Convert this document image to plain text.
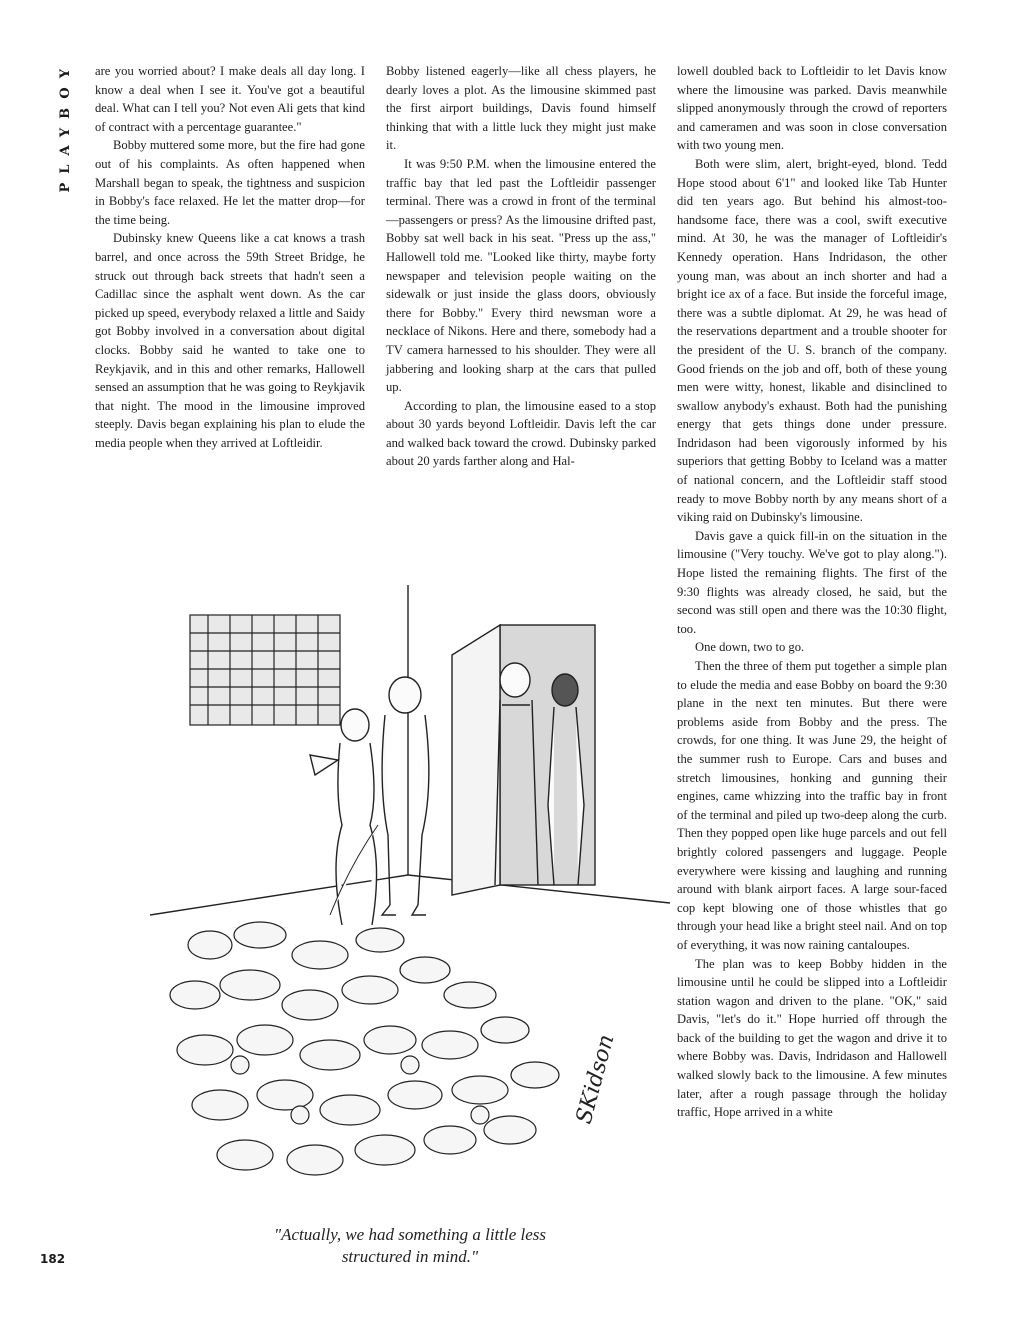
PLAYBOY	are you worried about? I make deals all day long. I know a deal when I see it. You've got a beautiful deal. What can I tell you? Not even Ali gets that kind of contract with a percentage guarantee."

Bobby muttered some more, but the fire had gone out of his complaints. As often happened when Marshall began to speak, the tightness and suspicion in Bobby's face relaxed. He let the matter drop—for the time being.

Dubinsky knew Queens like a cat knows a trash barrel, and once across the 59th Street Bridge, he struck out through back streets that hadn't seen a Cadillac since the asphalt went down. As the car picked up speed, everybody relaxed a little and Saidy got Bobby involved in a conversation about digital clocks. Bobby said he wanted to take one to Reykjavik, and in this and other remarks, Hallowell sensed an assumption that he was going to Reykjavik that night. The mood in the limousine improved steeply. Davis began explaining his plan to elude the media people when they arrived at Loftleidir.

Bobby listened eagerly—like all chess players, he dearly loves a plot. As the limousine skimmed past the first airport buildings, Davis found himself thinking that with a little luck they might just make it.

It was 9:50 P.M. when the limousine entered the traffic bay that led past the Loftleidir passenger terminal. There was a crowd in front of the terminal—passengers or press? As the limousine drifted past, Bobby sat well back in his seat. "Press up the ass," Hallowell told me. "Looked like thirty, maybe forty newspaper and television people waiting on the sidewalk or just inside the glass doors, obviously there for Bobby." Every third newsman wore a necklace of Nikons. Here and there, somebody had a TV camera harnessed to his shoulder. They were all jabbering and looking sharp at the cars that pulled up.

According to plan, the limousine eased to a stop about 30 yards beyond Loftleidir. Davis left the car and walked back toward the crowd. Dubinsky parked about 20 yards farther along and Hal-

lowell doubled back to Loftleidir to let Davis know where the limousine was parked. Davis meanwhile slipped anonymously through the crowd of reporters and cameramen and was soon in close conversation with two young men.

Both were slim, alert, bright-eyed, blond. Tedd Hope stood about 6'1" and looked like Tab Hunter did ten years ago. But behind his almost-too-handsome face, there was a cool, swift executive mind. At 30, he was the manager of Loftleidir's Kennedy operation. Hans Indridason, the other young man, was about an inch shorter and had a bright ice ax of a face. But inside the forceful image, there was a subtle diplomat. At 29, he was head of the reservations department and a trouble shooter for the president of the U. S. branch of the company. Good friends on the job and off, both of these young men were witty, honest, likable and disinclined to swallow anybody's exhaust. Both had the punishing energy that gets things done under pressure. Indridason had been vigorously informed by his superiors that getting Bobby to Iceland was a matter of national concern, and the Loftleidir staff stood ready to move Bobby north by any means short of a viking raid on Dubinsky's limousine.

Davis gave a quick fill-in on the situation in the limousine ("Very touchy. We've got to play along."). Hope listed the remaining flights. The first of the 9:30 flights was already closed, he said, but the second was still open and there was the 10:30 flight, too.

One down, two to go.

Then the three of them put together a simple plan to elude the media and ease Bobby on board the 9:30 plane in the next ten minutes. But there were problems aside from Bobby and the press. The crowds, for one thing. It was June 29, the height of the summer rush to Europe. Cars and buses and stretch limousines, honking and gunning their engines, came whizzing into the traffic bay in front of the terminal and piled up two-deep along the curb. Then they popped open like huge parcels and out fell brightly colored passengers and luggage. People everywhere were kissing and laughing and running around with blank airport faces. A large sour-faced cop kept blowing one of those whistles that go through your head like a bright steel nail. And on top of everything, it was now raining cantaloupes.

The plan was to keep Bobby hidden in the limousine until he could be slipped into a Loftleidir station wagon and driven to the plane. "OK," said Davis, "let's do it." Hope hurried off through the back of the building to get the wagon and drive it to where Bobby was. Davis, Indridason and Hallowell walked slowly back to the limousine. A few minutes later, after a rough passage through the holiday traffic, Hope arrived in a white

SKidson
"Actually, we had something a little less
structured in mind."
182
